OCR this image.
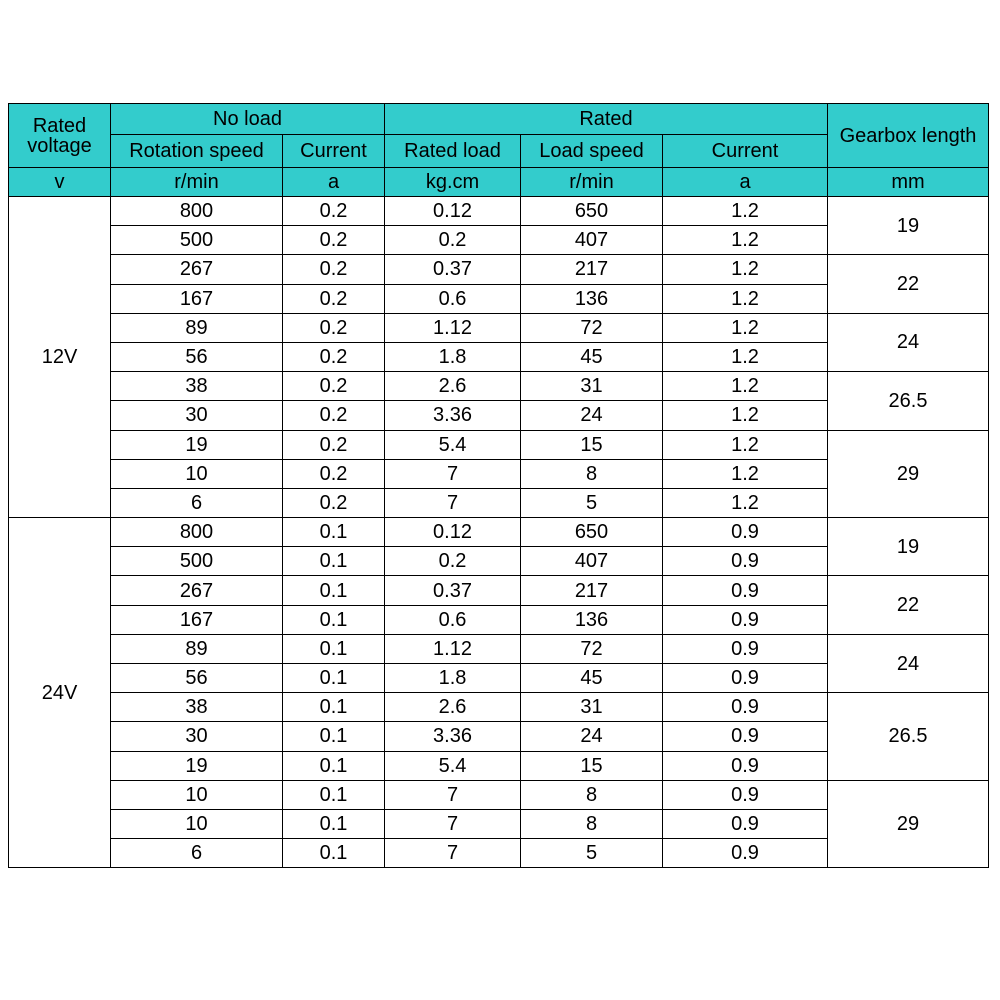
Rated voltage	No load		Rated			Gearbox length
	Rotation speed	Current	Rated load	Load speed	Current	
v	r/min	a	kg.cm	r/min	a	mm
12V	800	0.2	0.12	650	1.2	19
	500	0.2	0.2	407	1.2	
	267	0.2	0.37	217	1.2	22
	167	0.2	0.6	136	1.2	
	89	0.2	1.12	72	1.2	24
	56	0.2	1.8	45	1.2	
	38	0.2	2.6	31	1.2	26.5
	30	0.2	3.36	24	1.2	
	19	0.2	5.4	15	1.2	29
	10	0.2	7	8	1.2	
	6	0.2	7	5	1.2	
24V	800	0.1	0.12	650	0.9	19
	500	0.1	0.2	407	0.9	
	267	0.1	0.37	217	0.9	22
	167	0.1	0.6	136	0.9	
	89	0.1	1.12	72	0.9	24
	56	0.1	1.8	45	0.9	
	38	0.1	2.6	31	0.9	26.5
	30	0.1	3.36	24	0.9	
	19	0.1	5.4	15	0.9	
	10	0.1	7	8	0.9	29
	10	0.1	7	8	0.9	
	6	0.1	7	5	0.9	
